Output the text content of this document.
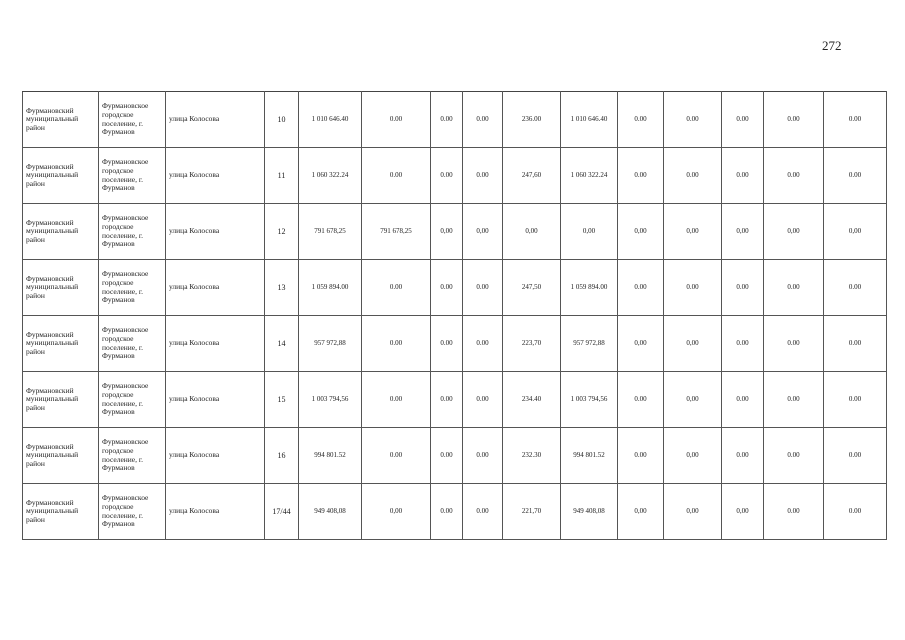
272
Фурмановский муниципальный район	Фурмановское городское поселение, г. Фурманов	улица Колосова	10	1 010 646.40	0.00	0.00	0.00	236.00	1 010 646.40	0.00	0.00	0.00	0.00	0.00
Фурмановский муниципальный район	Фурмановское городское поселение, г. Фурманов	улица Колосова	11	1 060 322.24	0.00	0.00	0.00	247,60	1 060 322.24	0.00	0.00	0.00	0.00	0.00
Фурмановский муниципальный район	Фурмановское городское поселение, г. Фурманов	улица Колосова	12	791 678,25	791 678,25	0,00	0,00	0,00	0,00	0,00	0,00	0,00	0,00	0,00
Фурмановский муниципальный район	Фурмановское городское поселение, г. Фурманов	улица Колосова	13	1 059 894.00	0.00	0.00	0.00	247,50	1 059 894.00	0.00	0.00	0.00	0.00	0.00
Фурмановский муниципальный район	Фурмановское городское поселение, г. Фурманов	улица Колосова	14	957 972,88	0.00	0.00	0.00	223,70	957 972,88	0,00	0,00	0.00	0.00	0.00
Фурмановский муниципальный район	Фурмановское городское поселение, г. Фурманов	улица Колосова	15	1 003 794,56	0.00	0.00	0.00	234.40	1 003 794,56	0.00	0,00	0.00	0.00	0.00
Фурмановский муниципальный район	Фурмановское городское поселение, г. Фурманов	улица Колосова	16	994 801.52	0.00	0.00	0.00	232.30	994 801.52	0.00	0,00	0.00	0.00	0.00
Фурмановский муниципальный район	Фурмановское городское поселение, г. Фурманов	улица Колосова	17/44	949 408,08	0,00	0.00	0.00	221,70	949 408,08	0,00	0,00	0,00	0.00	0.00
